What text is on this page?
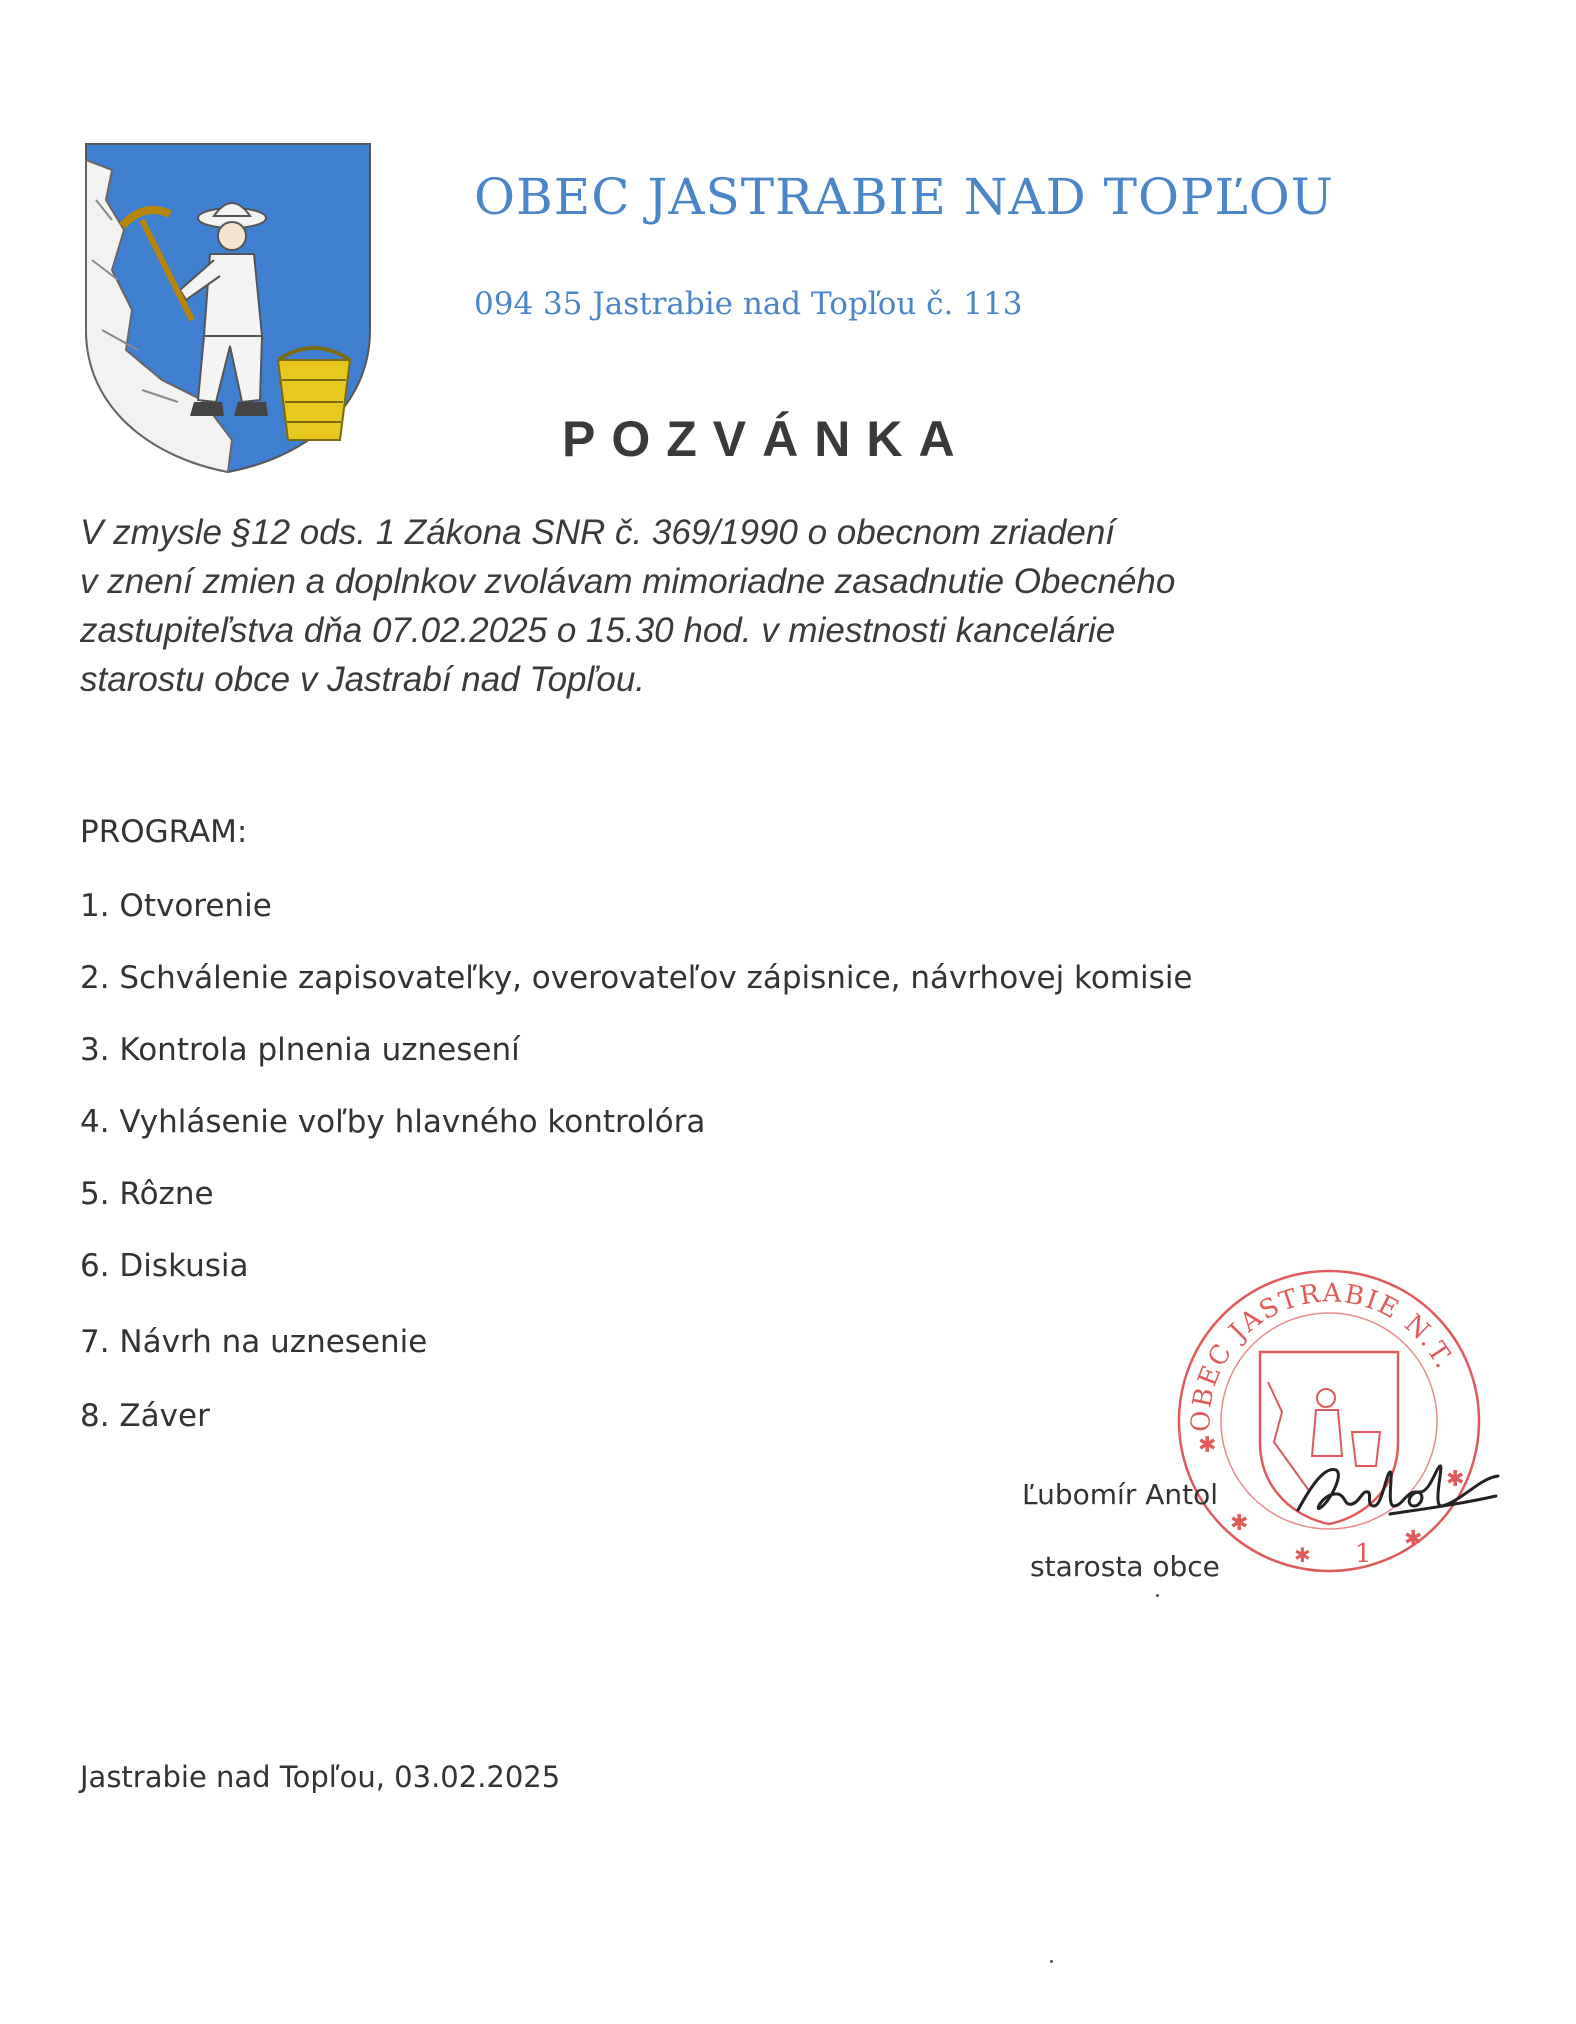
OBEC JASTRABIE NAD TOPĽOU
094 35 Jastrabie nad Topľou č. 113
POZVÁNKA
V zmysle §12 ods. 1 Zákona SNR č. 369/1990 o obecnom zriadení
v znení zmien a doplnkov zvolávam mimoriadne zasadnutie Obecného
zastupiteľstva dňa 07.02.2025 o 15.30 hod. v miestnosti kancelárie
starostu obce v Jastrabí nad Topľou.
PROGRAM:
1. Otvorenie
2. Schválenie zapisovateľky, overovateľov zápisnice, návrhovej komisie
3. Kontrola plnenia uznesení
4. Vyhlásenie voľby hlavného kontrolóra
5. Rôzne
6. Diskusia
7. Návrh na uznesenie
8. Záver	OBEC JASTRABIE N.T.
✱
✱
✱
✱
✱
1
Ľubomír Antol
starosta obce
Jastrabie nad Topľou, 03.02.2025
